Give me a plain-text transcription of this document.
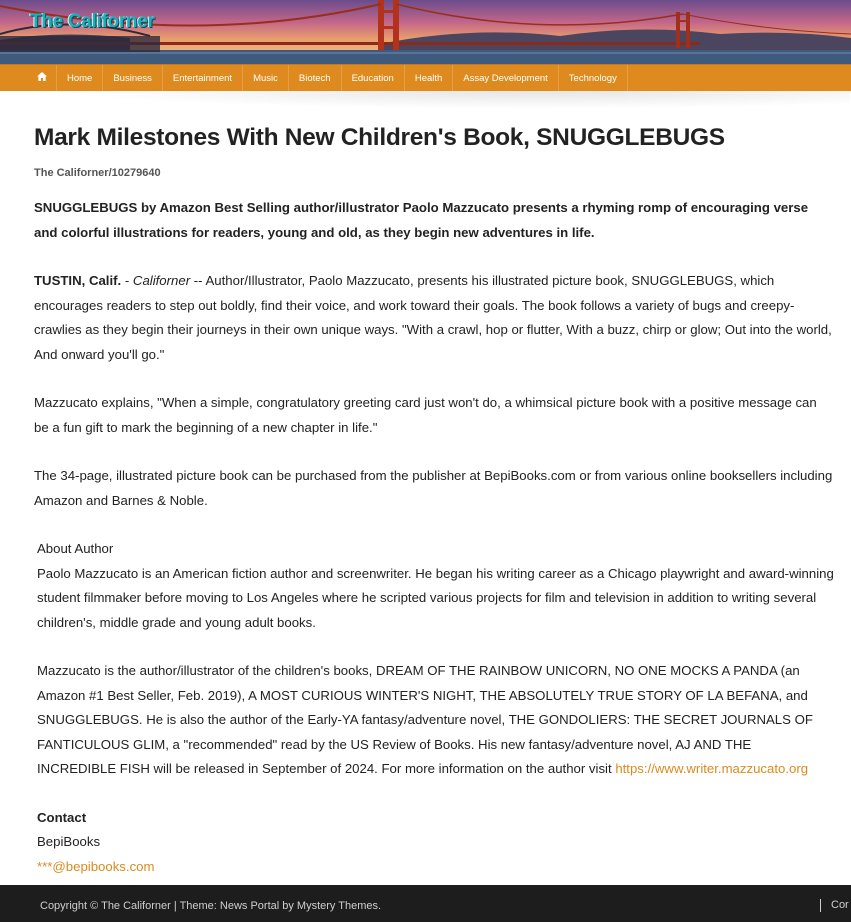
The Californer
Home	Business	Entertainment	Music	Biotech	Education	Health	Assay Development	Technology
Mark Milestones With New Children's Book, SNUGGLEBUGS
The Californer/10279640

SNUGGLEBUGS by Amazon Best Selling author/illustrator Paolo Mazzucato presents a rhyming romp of encouraging verse and colorful illustrations for readers, young and old, as they begin new adventures in life.

TUSTIN, Calif. - Californer -- Author/Illustrator, Paolo Mazzucato, presents his illustrated picture book, SNUGGLEBUGS, which encourages readers to step out boldly, find their voice, and work toward their goals. The book follows a variety of bugs and creepy-crawlies as they begin their journeys in their own unique ways. "With a crawl, hop or flutter, With a buzz, chirp or glow; Out into the world, And onward you'll go."

Mazzucato explains, "When a simple, congratulatory greeting card just won't do, a whimsical picture book with a positive message can be a fun gift to mark the beginning of a new chapter in life."

The 34-page, illustrated picture book can be purchased from the publisher at BepiBooks.com or from various online booksellers including Amazon and Barnes & Noble.

About Author

Paolo Mazzucato is an American fiction author and screenwriter. He began his writing career as a Chicago playwright and award-winning student filmmaker before moving to Los Angeles where he scripted various projects for film and television in addition to writing several children's, middle grade and young adult books.

Mazzucato is the author/illustrator of the children's books, DREAM OF THE RAINBOW UNICORN, NO ONE MOCKS A PANDA (an Amazon #1 Best Seller, Feb. 2019), A MOST CURIOUS WINTER'S NIGHT, THE ABSOLUTELY TRUE STORY OF LA BEFANA, and SNUGGLEBUGS. He is also the author of the Early-YA fantasy/adventure novel, THE GONDOLIERS: THE SECRET JOURNALS OF FANTICULOUS GLIM, a "recommended" read by the US Review of Books. His new fantasy/adventure novel, AJ AND THE INCREDIBLE FISH will be released in September of 2024. For more information on the author visit https://www.writer.mazzucato.org

Contact
BepiBooks
***@bepibooks.com
Copyright © The Californer | Theme: News Portal by Mystery Themes.	Cor
